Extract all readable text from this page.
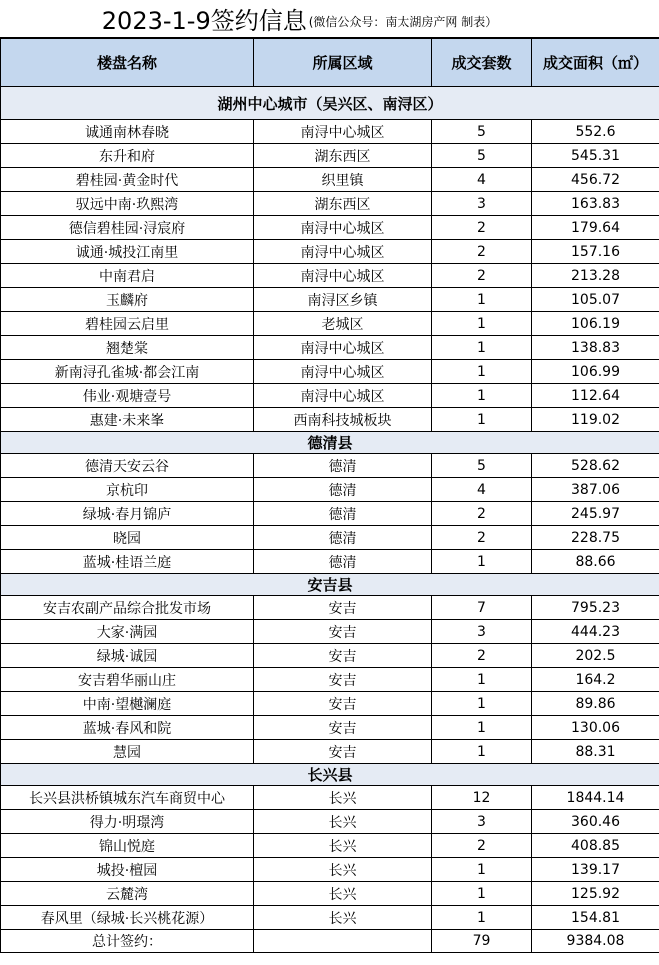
2023-1-9签约信息 (微信公众号：南太湖房产网 制表）
楼盘名称	所属区域	成交套数	成交面积（㎡）
湖州中心城市（吴兴区、南浔区）			
诚通南林春晓	南浔中心城区	5	552.6
东升和府	湖东西区	5	545.31
碧桂园·黄金时代	织里镇	4	456.72
驭远中南·玖熙湾	湖东西区	3	163.83
德信碧桂园·浔宸府	南浔中心城区	2	179.64
诚通·城投江南里	南浔中心城区	2	157.16
中南君启	南浔中心城区	2	213.28
玉麟府	南浔区乡镇	1	105.07
碧桂园云启里	老城区	1	106.19
翘楚棠	南浔中心城区	1	138.83
新南浔孔雀城·都会江南	南浔中心城区	1	106.99
伟业·观塘壹号	南浔中心城区	1	112.64
惠建·未来峯	西南科技城板块	1	119.02
德清县			
德清天安云谷	德清	5	528.62
京杭印	德清	4	387.06
绿城·春月锦庐	德清	2	245.97
晓园	德清	2	228.75
蓝城·桂语兰庭	德清	1	88.66
安吉县			
安吉农副产品综合批发市场	安吉	7	795.23
大家·满园	安吉	3	444.23
绿城·诚园	安吉	2	202.5
安吉碧华丽山庄	安吉	1	164.2
中南·望樾澜庭	安吉	1	89.86
蓝城·春风和院	安吉	1	130.06
慧园	安吉	1	88.31
长兴县			
长兴县洪桥镇城东汽车商贸中心	长兴	12	1844.14
得力·明璟湾	长兴	3	360.46
锦山悦庭	长兴	2	408.85
城投·檀园	长兴	1	139.17
云麓湾	长兴	1	125.92
春风里（绿城·长兴桃花源）	长兴	1	154.81
总计签约：		79	9384.08
